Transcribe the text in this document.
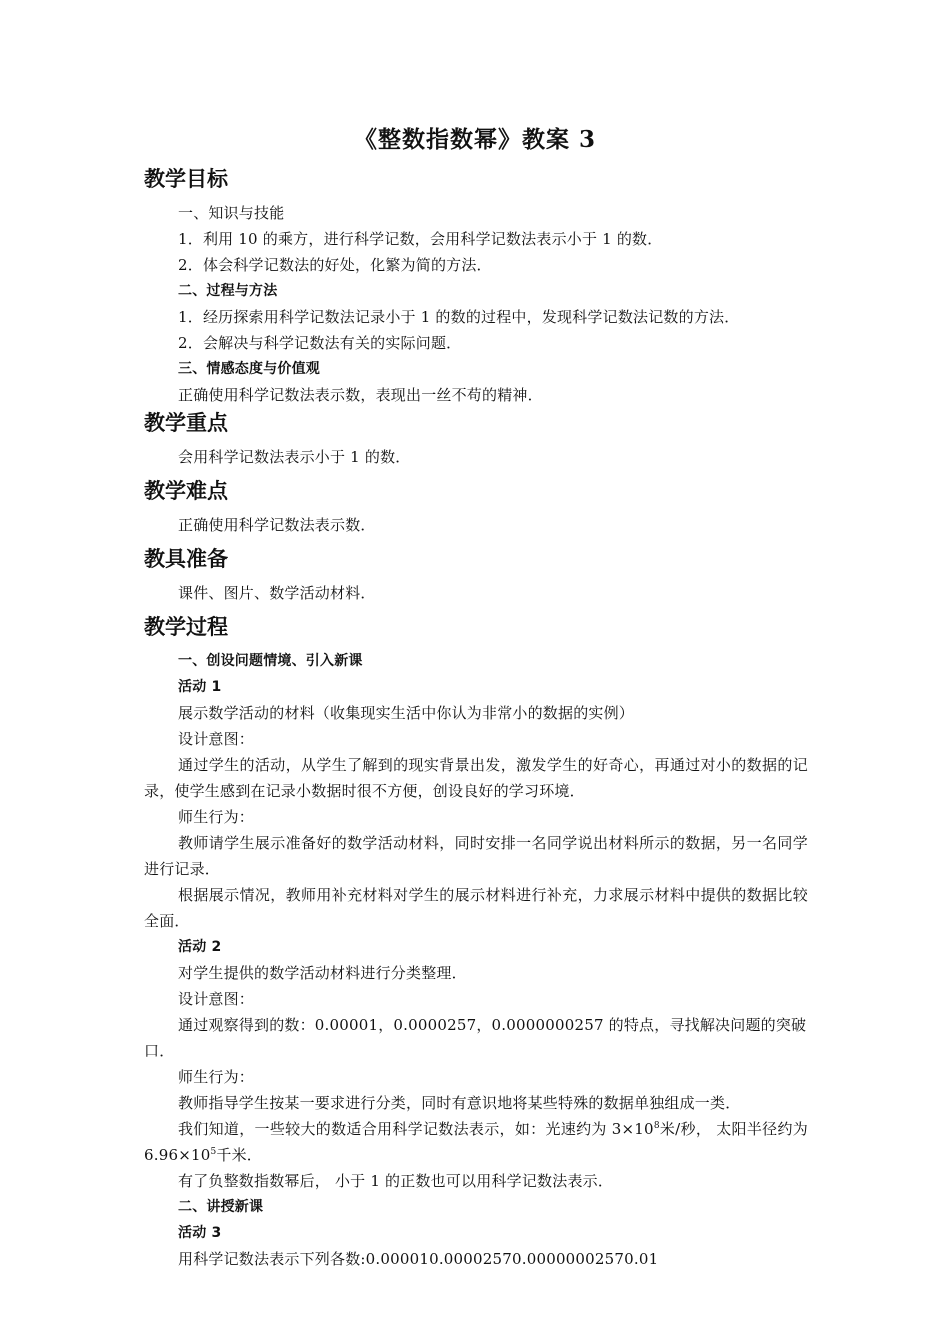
《整数指数幂》教案 3
教学目标

一、知识与技能

1．利用 10 的乘方，进行科学记数，会用科学记数法表示小于 1 的数．

2．体会科学记数法的好处，化繁为简的方法．

二、过程与方法

1．经历探索用科学记数法记录小于 1 的数的过程中，发现科学记数法记数的方法．

2．会解决与科学记数法有关的实际问题．

三、情感态度与价值观

正确使用科学记数法表示数，表现出一丝不苟的精神．

教学重点

会用科学记数法表示小于 1 的数．

教学难点

正确使用科学记数法表示数．

教具准备

课件、图片、数学活动材料．

教学过程

一、创设问题情境、引入新课

活动 1

展示数学活动的材料（收集现实生活中你认为非常小的数据的实例）

设计意图：

通过学生的活动，从学生了解到的现实背景出发，激发学生的好奇心，再通过对小的数据的记录，使学生感到在记录小数据时很不方便，创设良好的学习环境．

师生行为：

教师请学生展示准备好的数学活动材料，同时安排一名同学说出材料所示的数据，另一名同学进行记录．

根据展示情况，教师用补充材料对学生的展示材料进行补充，力求展示材料中提供的数据比较全面．

活动 2

对学生提供的数学活动材料进行分类整理．

设计意图：

通过观察得到的数：0.00001，0.0000257，0.0000000257 的特点，寻找解决问题的突破口．

师生行为：

教师指导学生按某一要求进行分类，同时有意识地将某些特殊的数据单独组成一类．

我们知道，一些较大的数适合用科学记数法表示，如：光速约为 $3\times 10^8$米/秒， 太阳半径约为 $6.96\times 10^5$千米．

有了负整数指数幂后， 小于 1 的正数也可以用科学记数法表示．

二、讲授新课

活动 3

用科学记数法表示下列各数:0.000010.00002570.00000002570.01
